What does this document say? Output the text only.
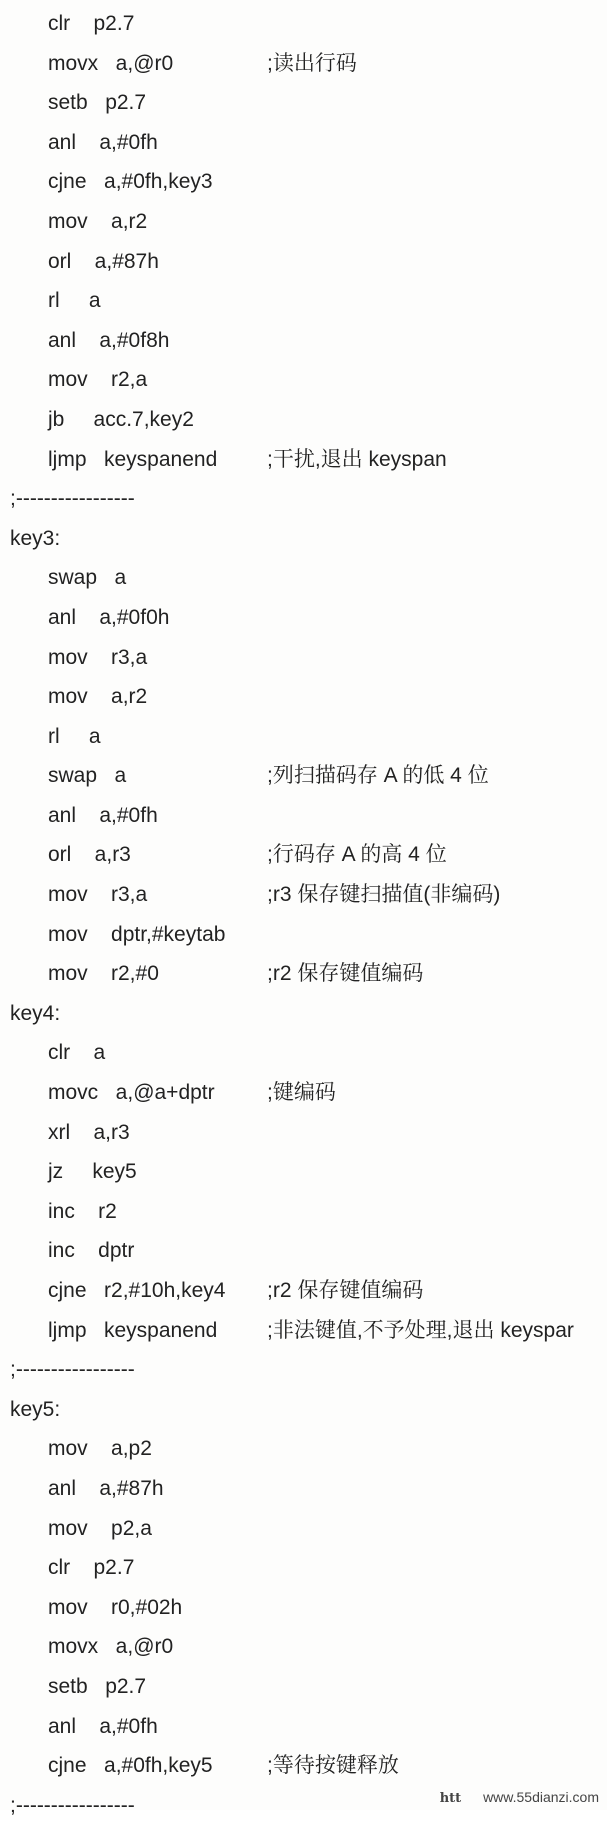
clr    p2.7
movx   a,@r0	;读出行码
setb   p2.7
anl    a,#0fh
cjne   a,#0fh,key3
mov    a,r2
orl    a,#87h
rl     a
anl    a,#0f8h
mov    r2,a
jb     acc.7,key2
ljmp   keyspanend ;干扰,退出 keyspan
;-----------------
key3:
swap   a
anl    a,#0f0h
mov    r3,a
mov    a,r2
rl     a
swap   a	;列扫描码存 A 的低 4 位
anl    a,#0fh
orl    a,r3	;行码存 A 的高 4 位
mov    r3,a	;r3 保存键扫描值(非编码)
mov    dptr,#keytab
mov    r2,#0	;r2 保存键值编码
key4:
clr    a
movc   a,@a+dptr ;键编码
xrl    a,r3
jz     key5
inc    r2
inc    dptr
cjne   r2,#10h,key4 ;r2 保存键值编码
ljmp   keyspanend ;非法键值,不予处理,退出 keyspar
;-----------------
key5:
mov    a,p2
anl    a,#87h
mov    p2,a
clr    p2.7
mov    r0,#02h
movx   a,@r0
setb   p2.7
anl    a,#0fh
cjne   a,#0fh,key5	;等待按键释放
;-----------------	htt www.55dianzi.com
